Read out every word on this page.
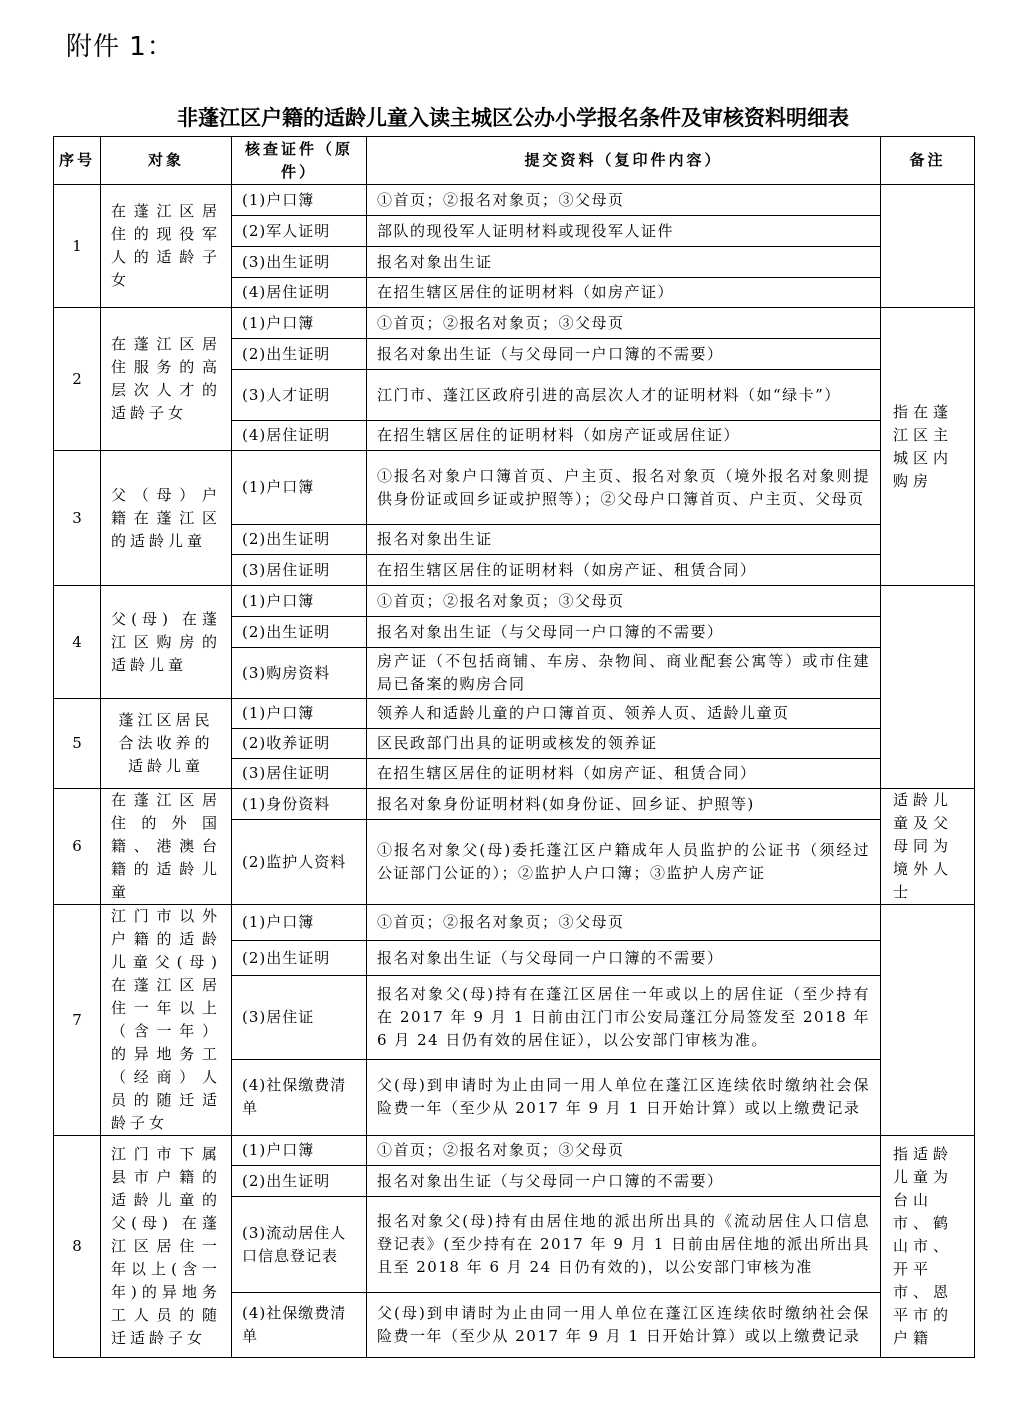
附件 1：
非蓬江区户籍的适龄儿童入读主城区公办小学报名条件及审核资料明细表
序号	对象	核查证件（原件）	提交资料（复印件内容）	备注
1	在蓬江区居住的现役军人的适龄子女	(1)户口簿	①首页；②报名对象页；③父母页	
		(2)军人证明	部队的现役军人证明材料或现役军人证件	
		(3)出生证明	报名对象出生证	
		(4)居住证明	在招生辖区居住的证明材料（如房产证）	
2	在蓬江区居住服务的高层次人才的适龄子女	(1)户口簿	①首页；②报名对象页；③父母页	指在蓬江区主城区内购房
		(2)出生证明	报名对象出生证（与父母同一户口簿的不需要）	
		(3)人才证明	江门市、蓬江区政府引进的高层次人才的证明材料（如“绿卡”）	
		(4)居住证明	在招生辖区居住的证明材料（如房产证或居住证）	
3	父（母）户籍在蓬江区的适龄儿童	(1)户口簿	①报名对象户口簿首页、户主页、报名对象页（境外报名对象则提供身份证或回乡证或护照等）；②父母户口簿首页、户主页、父母页	
		(2)出生证明	报名对象出生证	
		(3)居住证明	在招生辖区居住的证明材料（如房产证、租赁合同）	
4	父(母) 在蓬江区购房的适龄儿童	(1)户口簿	①首页；②报名对象页；③父母页	
		(2)出生证明	报名对象出生证（与父母同一户口簿的不需要）	
		(3)购房资料	房产证（不包括商铺、车房、杂物间、商业配套公寓等）或市住建局已备案的购房合同	
5	蓬江区居民合法收养的适龄儿童	(1)户口簿	领养人和适龄儿童的户口簿首页、领养人页、适龄儿童页	
		(2)收养证明	区民政部门出具的证明或核发的领养证	
		(3)居住证明	在招生辖区居住的证明材料（如房产证、租赁合同）	
6	在蓬江区居住的外国籍、港澳台籍的适龄儿童	(1)身份资料	报名对象身份证明材料(如身份证、回乡证、护照等)	适龄儿童及父母同为境外人士
		(2)监护人资料	①报名对象父(母)委托蓬江区户籍成年人员监护的公证书（须经过公证部门公证的）；②监护人户口簿；③监护人房产证	
7	江门市以外户籍的适龄儿童父(母) 在蓬江区居住一年以上（含一年）的异地务工（经商）人员的随迁适龄子女	(1)户口簿	①首页；②报名对象页；③父母页	
		(2)出生证明	报名对象出生证（与父母同一户口簿的不需要）	
		(3)居住证	报名对象父(母)持有在蓬江区居住一年或以上的居住证（至少持有在 2017 年 9 月 1 日前由江门市公安局蓬江分局签发至 2018 年 6 月 24 日仍有效的居住证），以公安部门审核为准。	
		(4)社保缴费清单	父(母)到申请时为止由同一用人单位在蓬江区连续依时缴纳社会保险费一年（至少从 2017 年 9 月 1 日开始计算）或以上缴费记录	
8	江门市下属县市户籍的适龄儿童的父(母) 在蓬江区居住一年以上(含一年)的异地务工人员的随迁适龄子女	(1)户口簿	①首页；②报名对象页；③父母页	指适龄儿童为台山市、鹤山市、开平市、恩平市的户籍
		(2)出生证明	报名对象出生证（与父母同一户口簿的不需要）	
		(3)流动居住人口信息登记表	报名对象父(母)持有由居住地的派出所出具的《流动居住人口信息登记表》(至少持有在 2017 年 9 月 1 日前由居住地的派出所出具且至 2018 年 6 月 24 日仍有效的)，以公安部门审核为准	
		(4)社保缴费清单	父(母)到申请时为止由同一用人单位在蓬江区连续依时缴纳社会保险费一年（至少从 2017 年 9 月 1 日开始计算）或以上缴费记录	
